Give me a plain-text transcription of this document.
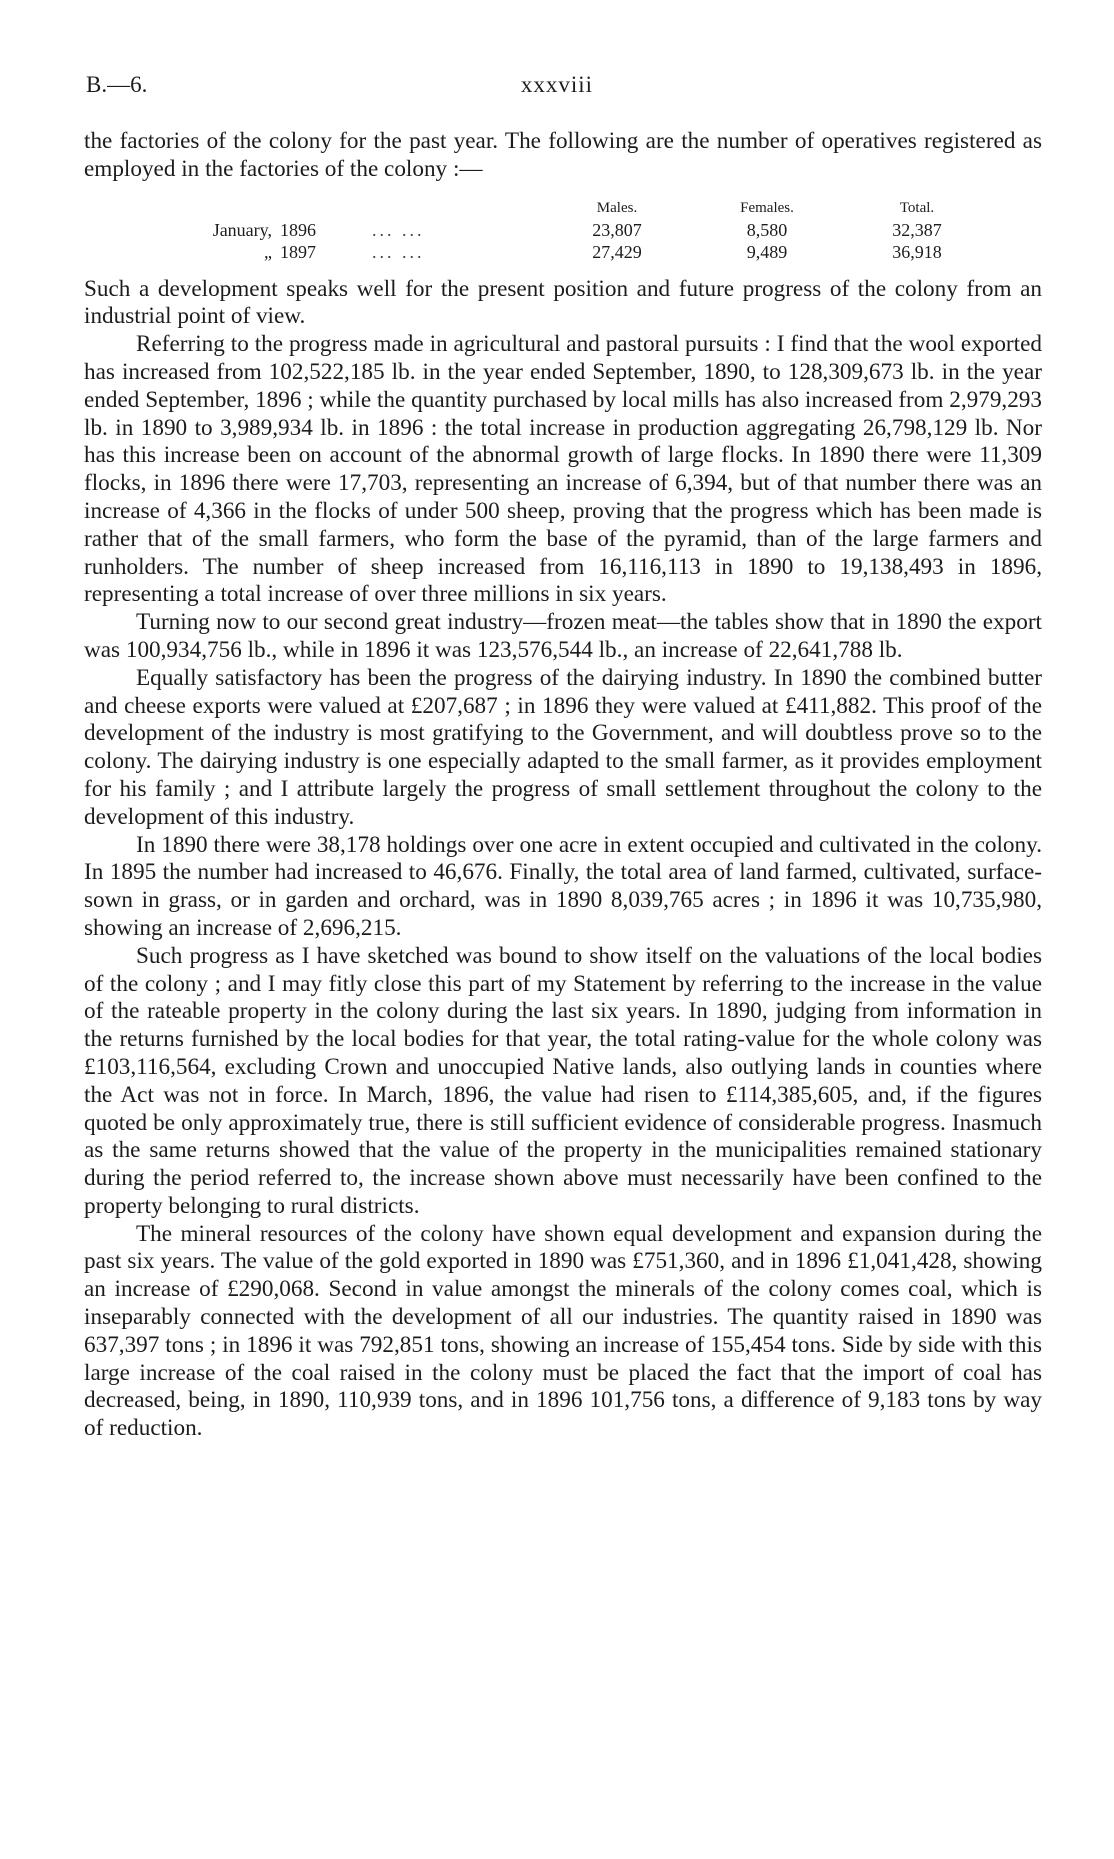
B.—6.	xxxviii

the factories of the colony for the past year. The following are the number of operatives registered as employed in the factories of the colony :—

			Males.	Females.	Total.
January,	1896	... ...	23,807	8,580	32,387
„	1897	... ...	27,429	9,489	36,918

Such a development speaks well for the present position and future progress of the colony from an industrial point of view.

Referring to the progress made in agricultural and pastoral pursuits : I find that the wool exported has increased from 102,522,185 lb. in the year ended September, 1890, to 128,309,673 lb. in the year ended September, 1896 ; while the quantity purchased by local mills has also increased from 2,979,293 lb. in 1890 to 3,989,934 lb. in 1896 : the total increase in production aggregating 26,798,129 lb. Nor has this increase been on account of the abnormal growth of large flocks. In 1890 there were 11,309 flocks, in 1896 there were 17,703, representing an increase of 6,394, but of that number there was an increase of 4,366 in the flocks of under 500 sheep, proving that the progress which has been made is rather that of the small farmers, who form the base of the pyramid, than of the large farmers and runholders. The number of sheep increased from 16,116,113 in 1890 to 19,138,493 in 1896, representing a total increase of over three millions in six years.

Turning now to our second great industry—frozen meat—the tables show that in 1890 the export was 100,934,756 lb., while in 1896 it was 123,576,544 lb., an increase of 22,641,788 lb.

Equally satisfactory has been the progress of the dairying industry. In 1890 the combined butter and cheese exports were valued at £207,687 ; in 1896 they were valued at £411,882. This proof of the development of the industry is most gratifying to the Government, and will doubtless prove so to the colony. The dairying industry is one especially adapted to the small farmer, as it provides employment for his family ; and I attribute largely the progress of small settlement throughout the colony to the development of this industry.

In 1890 there were 38,178 holdings over one acre in extent occupied and cultivated in the colony. In 1895 the number had increased to 46,676. Finally, the total area of land farmed, cultivated, surface-sown in grass, or in garden and orchard, was in 1890 8,039,765 acres ; in 1896 it was 10,735,980, showing an increase of 2,696,215.

Such progress as I have sketched was bound to show itself on the valuations of the local bodies of the colony ; and I may fitly close this part of my Statement by referring to the increase in the value of the rateable property in the colony during the last six years. In 1890, judging from information in the returns furnished by the local bodies for that year, the total rating-value for the whole colony was £103,116,564, excluding Crown and unoccupied Native lands, also outlying lands in counties where the Act was not in force. In March, 1896, the value had risen to £114,385,605, and, if the figures quoted be only approximately true, there is still sufficient evidence of considerable progress. Inasmuch as the same returns showed that the value of the property in the municipalities remained stationary during the period referred to, the increase shown above must necessarily have been confined to the property belonging to rural districts.

The mineral resources of the colony have shown equal development and expansion during the past six years. The value of the gold exported in 1890 was £751,360, and in 1896 £1,041,428, showing an increase of £290,068. Second in value amongst the minerals of the colony comes coal, which is inseparably connected with the development of all our industries. The quantity raised in 1890 was 637,397 tons ; in 1896 it was 792,851 tons, showing an increase of 155,454 tons. Side by side with this large increase of the coal raised in the colony must be placed the fact that the import of coal has decreased, being, in 1890, 110,939 tons, and in 1896 101,756 tons, a difference of 9,183 tons by way of reduction.
